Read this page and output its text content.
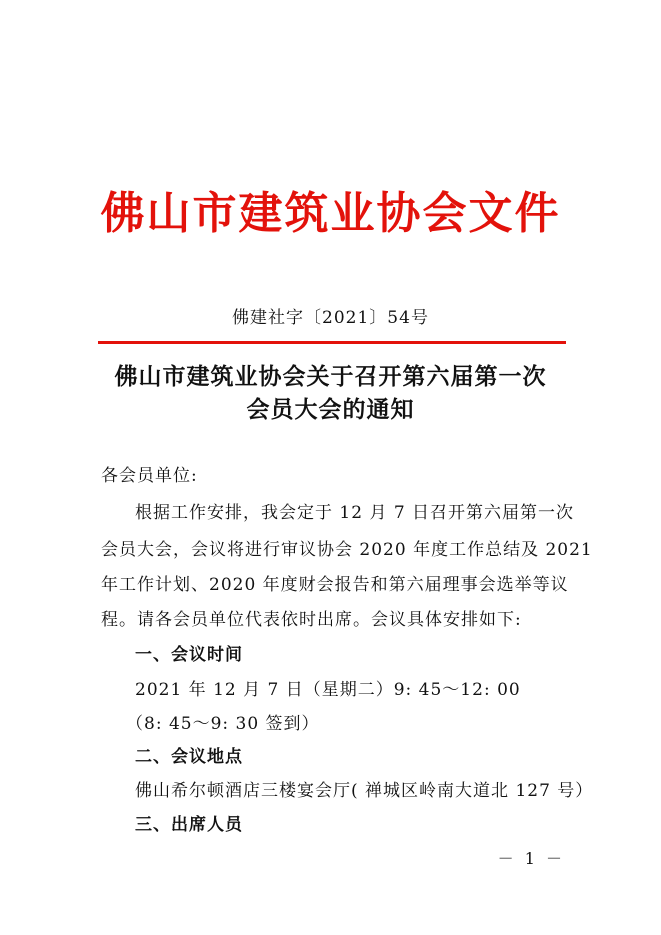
佛山市建筑业协会文件
佛建社字〔2021〕54号
佛山市建筑业协会关于召开第六届第一次
会员大会的通知
各会员单位:
根据工作安排，我会定于 12 月 7 日召开第六届第一次
会员大会，会议将进行审议协会 2020 年度工作总结及 2021
年工作计划、2020 年度财会报告和第六届理事会选举等议
程。请各会员单位代表依时出席。会议具体安排如下:
一、会议时间
2021 年 12 月 7 日（星期二）9: 45～12: 00
（8: 45～9: 30 签到）
二、会议地点
佛山希尔顿酒店三楼宴会厅( 禅城区岭南大道北 127 号）
三、出席人员
－ 1 －
